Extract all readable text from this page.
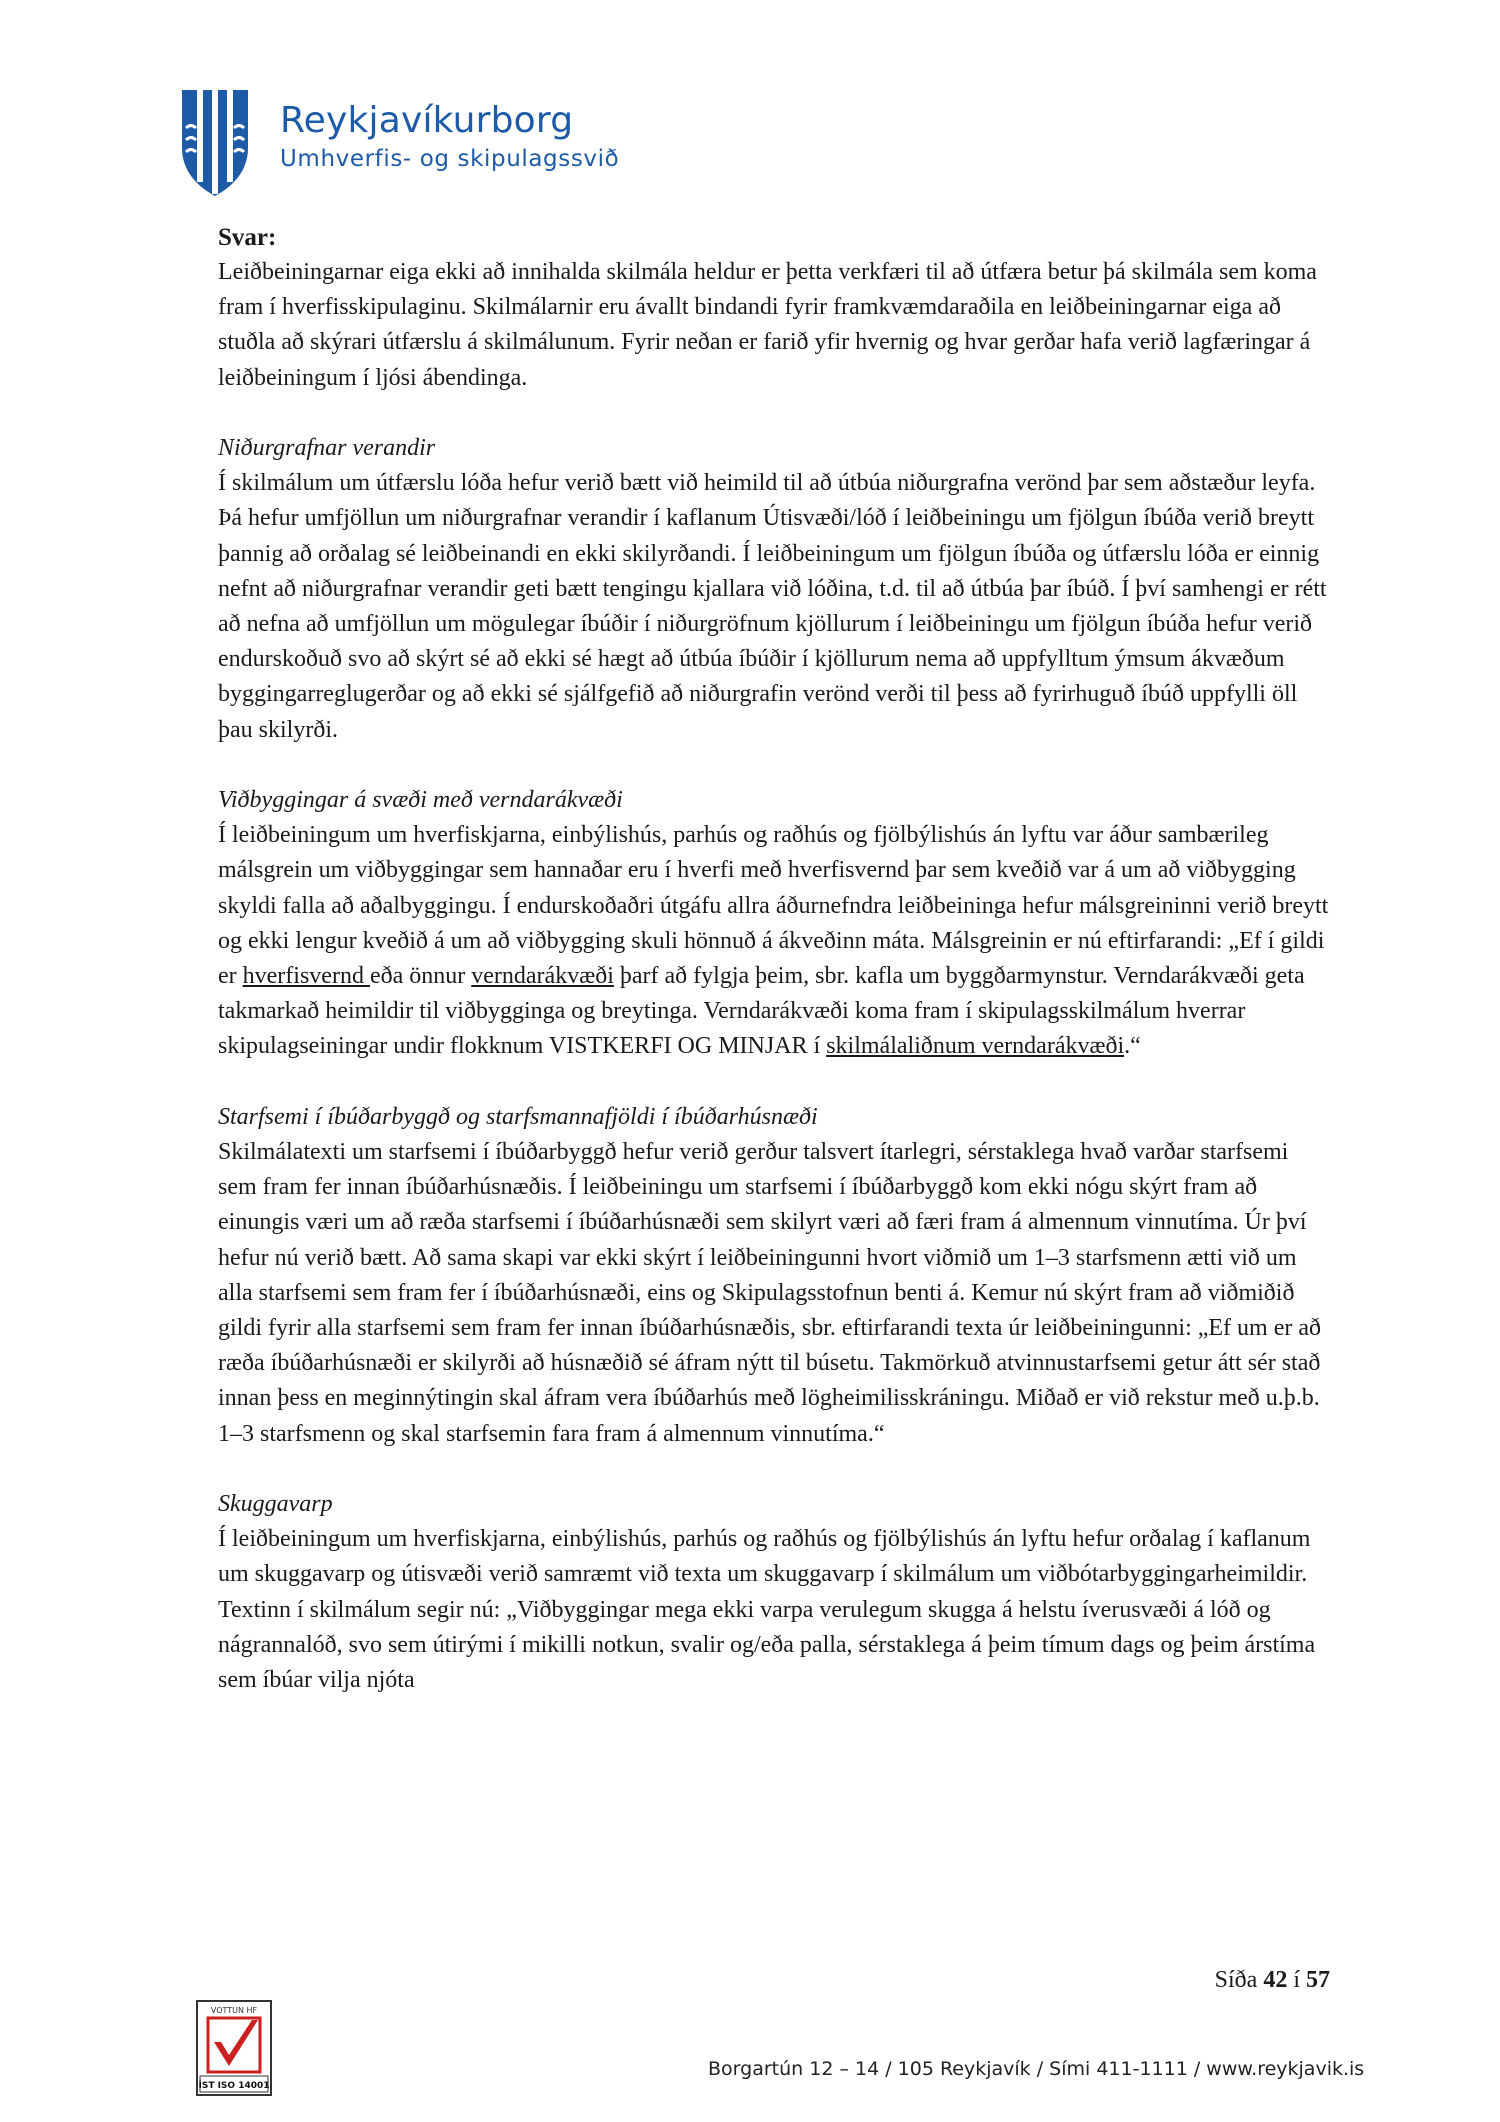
Reykjavíkurborg
Umhverfis- og skipulagssvið
Svar:
Leiðbeiningarnar eiga ekki að innihalda skilmála heldur er þetta verkfæri til að útfæra betur þá skilmála sem koma fram í hverfisskipulaginu. Skilmálarnir eru ávallt bindandi fyrir framkvæmdaraðila en leiðbeiningarnar eiga að stuðla að skýrari útfærslu á skilmálunum. Fyrir neðan er farið yfir hvernig og hvar gerðar hafa verið lagfæringar á leiðbeiningum í ljósi ábendinga.
Niðurgrafnar verandir
Í skilmálum um útfærslu lóða hefur verið bætt við heimild til að útbúa niðurgrafna verönd þar sem aðstæður leyfa. Þá hefur umfjöllun um niðurgrafnar verandir í kaflanum Útisvæði/lóð í leiðbeiningu um fjölgun íbúða verið breytt þannig að orðalag sé leiðbeinandi en ekki skilyrðandi. Í leiðbeiningum um fjölgun íbúða og útfærslu lóða er einnig nefnt að niðurgrafnar verandir geti bætt tengingu kjallara við lóðina, t.d. til að útbúa þar íbúð. Í því samhengi er rétt að nefna að umfjöllun um mögulegar íbúðir í niðurgröfnum kjöllurum í leiðbeiningu um fjölgun íbúða hefur verið endurskoðuð svo að skýrt sé að ekki sé hægt að útbúa íbúðir í kjöllurum nema að uppfylltum ýmsum ákvæðum byggingarreglugerðar og að ekki sé sjálfgefið að niðurgrafin verönd verði til þess að fyrirhuguð íbúð uppfylli öll þau skilyrði.
Viðbyggingar á svæði með verndarákvæði
Í leiðbeiningum um hverfiskjarna, einbýlishús, parhús og raðhús og fjölbýlishús án lyftu var áður sambærileg málsgrein um viðbyggingar sem hannaðar eru í hverfi með hverfisvernd þar sem kveðið var á um að viðbygging skyldi falla að aðalbyggingu. Í endurskoðaðri útgáfu allra áðurnefndra leiðbeininga hefur málsgreininni verið breytt og ekki lengur kveðið á um að viðbygging skuli hönnuð á ákveðinn máta. Málsgreinin er nú eftirfarandi: „Ef í gildi er hverfisvernd eða önnur verndarákvæði þarf að fylgja þeim, sbr. kafla um byggðarmynstur. Verndarákvæði geta takmarkað heimildir til viðbygginga og breytinga. Verndarákvæði koma fram í skipulagsskilmálum hverrar skipulagseiningar undir flokknum VISTKERFI OG MINJAR í skilmálaliðnum verndarákvæði.“
Starfsemi í íbúðarbyggð og starfsmannafjöldi í íbúðarhúsnæði
Skilmálatexti um starfsemi í íbúðarbyggð hefur verið gerður talsvert ítarlegri, sérstaklega hvað varðar starfsemi sem fram fer innan íbúðarhúsnæðis. Í leiðbeiningu um starfsemi í íbúðarbyggð kom ekki nógu skýrt fram að einungis væri um að ræða starfsemi í íbúðarhúsnæði sem skilyrt væri að færi fram á almennum vinnutíma. Úr því hefur nú verið bætt. Að sama skapi var ekki skýrt í leiðbeiningunni hvort viðmið um 1–3 starfsmenn ætti við um alla starfsemi sem fram fer í íbúðarhúsnæði, eins og Skipulagsstofnun benti á. Kemur nú skýrt fram að viðmiðið gildi fyrir alla starfsemi sem fram fer innan íbúðarhúsnæðis, sbr. eftirfarandi texta úr leiðbeiningunni: „Ef um er að ræða íbúðarhúsnæði er skilyrði að húsnæðið sé áfram nýtt til búsetu. Takmörkuð atvinnustarfsemi getur átt sér stað innan þess en meginnýtingin skal áfram vera íbúðarhús með lögheimilisskráningu. Miðað er við rekstur með u.þ.b. 1–3 starfsmenn og skal starfsemin fara fram á almennum vinnutíma.“
Skuggavarp
Í leiðbeiningum um hverfiskjarna, einbýlishús, parhús og raðhús og fjölbýlishús án lyftu hefur orðalag í kaflanum um skuggavarp og útisvæði verið samræmt við texta um skuggavarp í skilmálum um viðbótarbyggingarheimildir. Textinn í skilmálum segir nú: „Viðbyggingar mega ekki varpa verulegum skugga á helstu íverusvæði á lóð og nágrannalóð, svo sem útirými í mikilli notkun, svalir og/eða palla, sérstaklega á þeim tímum dags og þeim árstíma sem íbúar vilja njóta
Síða 42 í 57
VOTTUN HF
ÍST ISO 14001
Borgartún 12 – 14 / 105 Reykjavík / Sími 411-1111 / www.reykjavik.is
